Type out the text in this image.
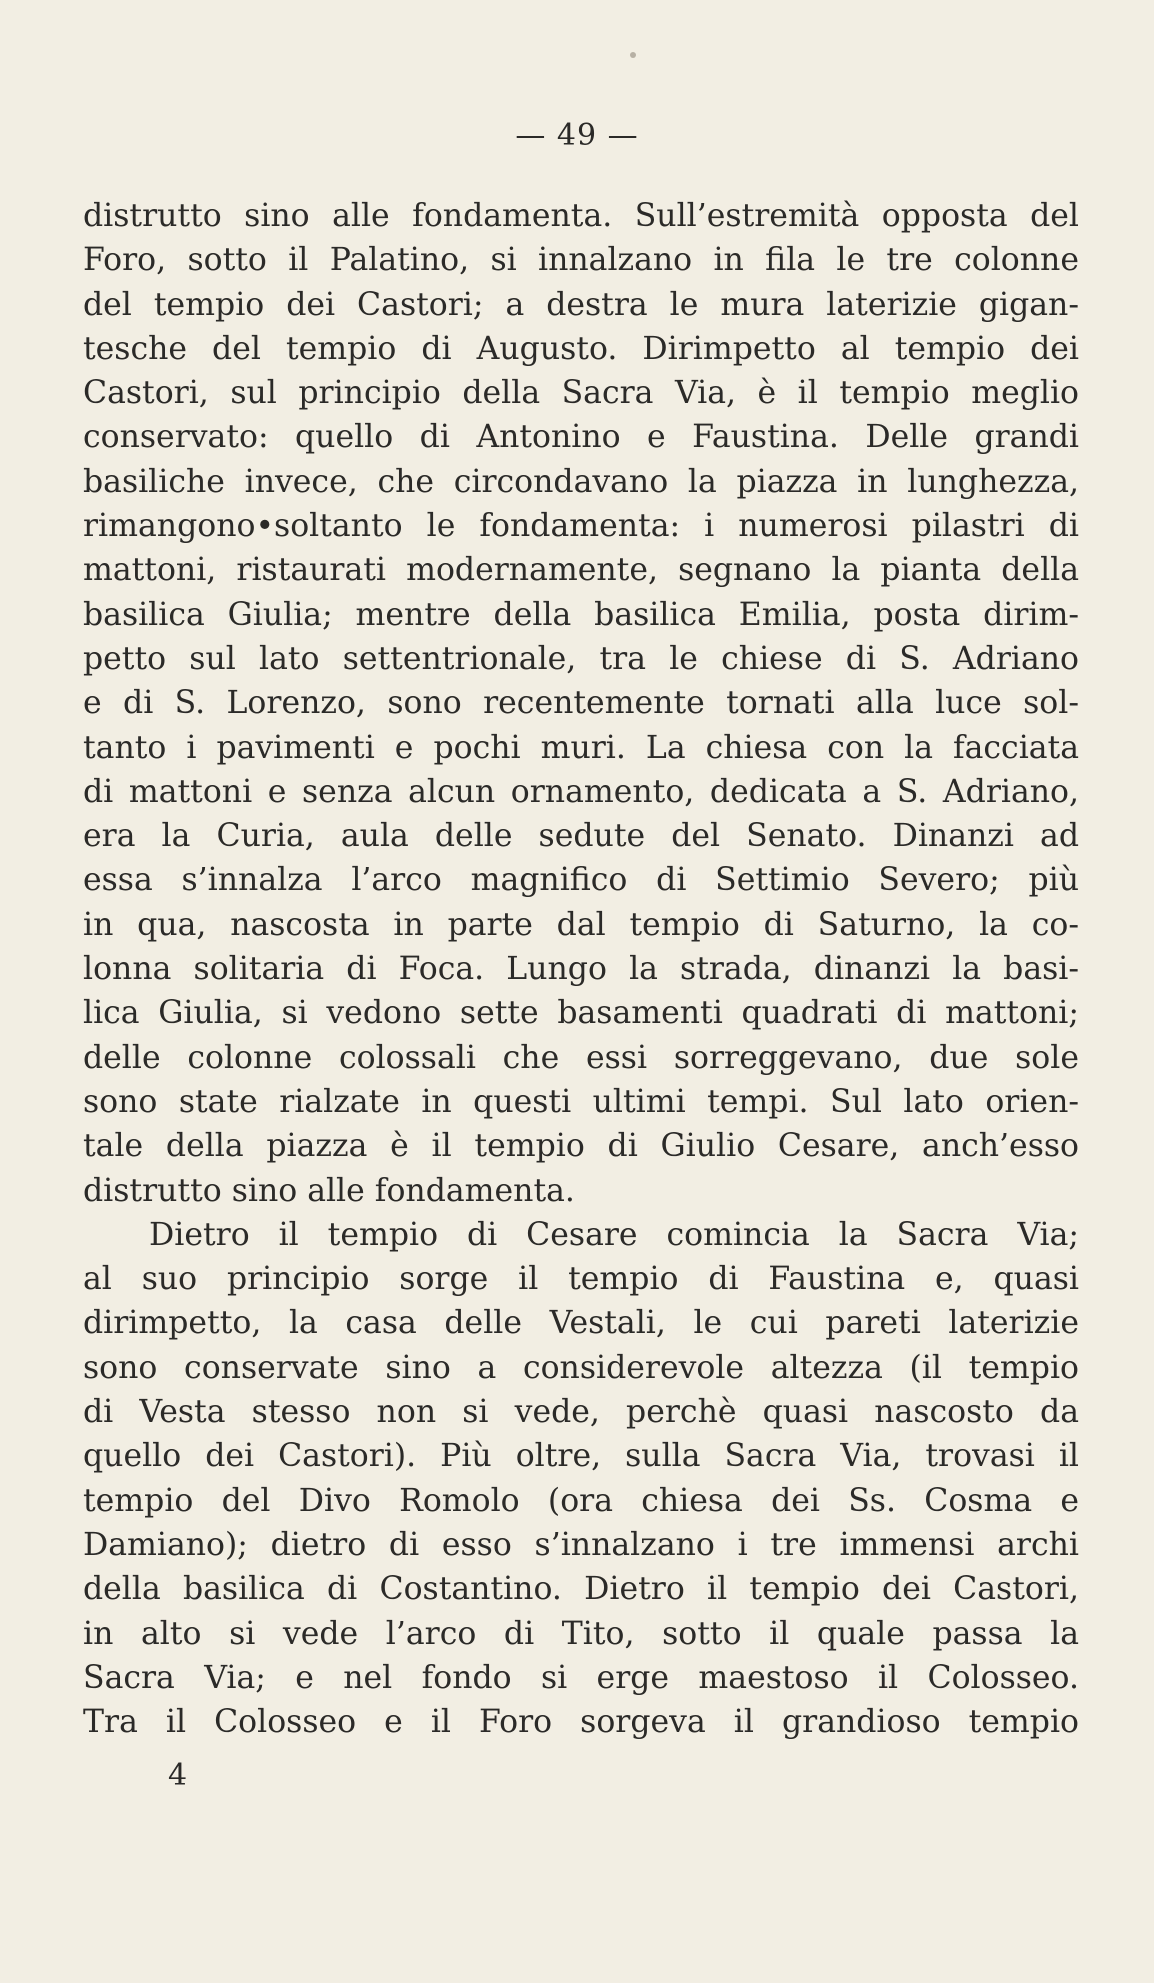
— 49 —
distrutto sino alle fondamenta. Sull’estremità opposta del
Foro, sotto il Palatino, si innalzano in fila le tre colonne
del tempio dei Castori; a destra le mura laterizie gigan-
tesche del tempio di Augusto. Dirimpetto al tempio dei
Castori, sul principio della Sacra Via, è il tempio meglio
conservato: quello di Antonino e Faustina. Delle grandi
basiliche invece, che circondavano la piazza in lunghezza,
rimangono•soltanto le fondamenta: i numerosi pilastri di
mattoni, ristaurati modernamente, segnano la pianta della
basilica Giulia; mentre della basilica Emilia, posta dirim-
petto sul lato settentrionale, tra le chiese di S. Adriano
e di S. Lorenzo, sono recentemente tornati alla luce sol-
tanto i pavimenti e pochi muri. La chiesa con la facciata
di mattoni e senza alcun ornamento, dedicata a S. Adriano,
era la Curia, aula delle sedute del Senato. Dinanzi ad
essa s’innalza l’arco magnifico di Settimio Severo; più
in qua, nascosta in parte dal tempio di Saturno, la co-
lonna solitaria di Foca. Lungo la strada, dinanzi la basi-
lica Giulia, si vedono sette basamenti quadrati di mattoni;
delle colonne colossali che essi sorreggevano, due sole
sono state rialzate in questi ultimi tempi. Sul lato orien-
tale della piazza è il tempio di Giulio Cesare, anch’esso
distrutto sino alle fondamenta.
Dietro il tempio di Cesare comincia la Sacra Via;
al suo principio sorge il tempio di Faustina e, quasi
dirimpetto, la casa delle Vestali, le cui pareti laterizie
sono conservate sino a considerevole altezza (il tempio
di Vesta stesso non si vede, perchè quasi nascosto da
quello dei Castori). Più oltre, sulla Sacra Via, trovasi il
tempio del Divo Romolo (ora chiesa dei Ss. Cosma e
Damiano); dietro di esso s’innalzano i tre immensi archi
della basilica di Costantino. Dietro il tempio dei Castori,
in alto si vede l’arco di Tito, sotto il quale passa la
Sacra Via; e nel fondo si erge maestoso il Colosseo.
Tra il Colosseo e il Foro sorgeva il grandioso tempio
4
